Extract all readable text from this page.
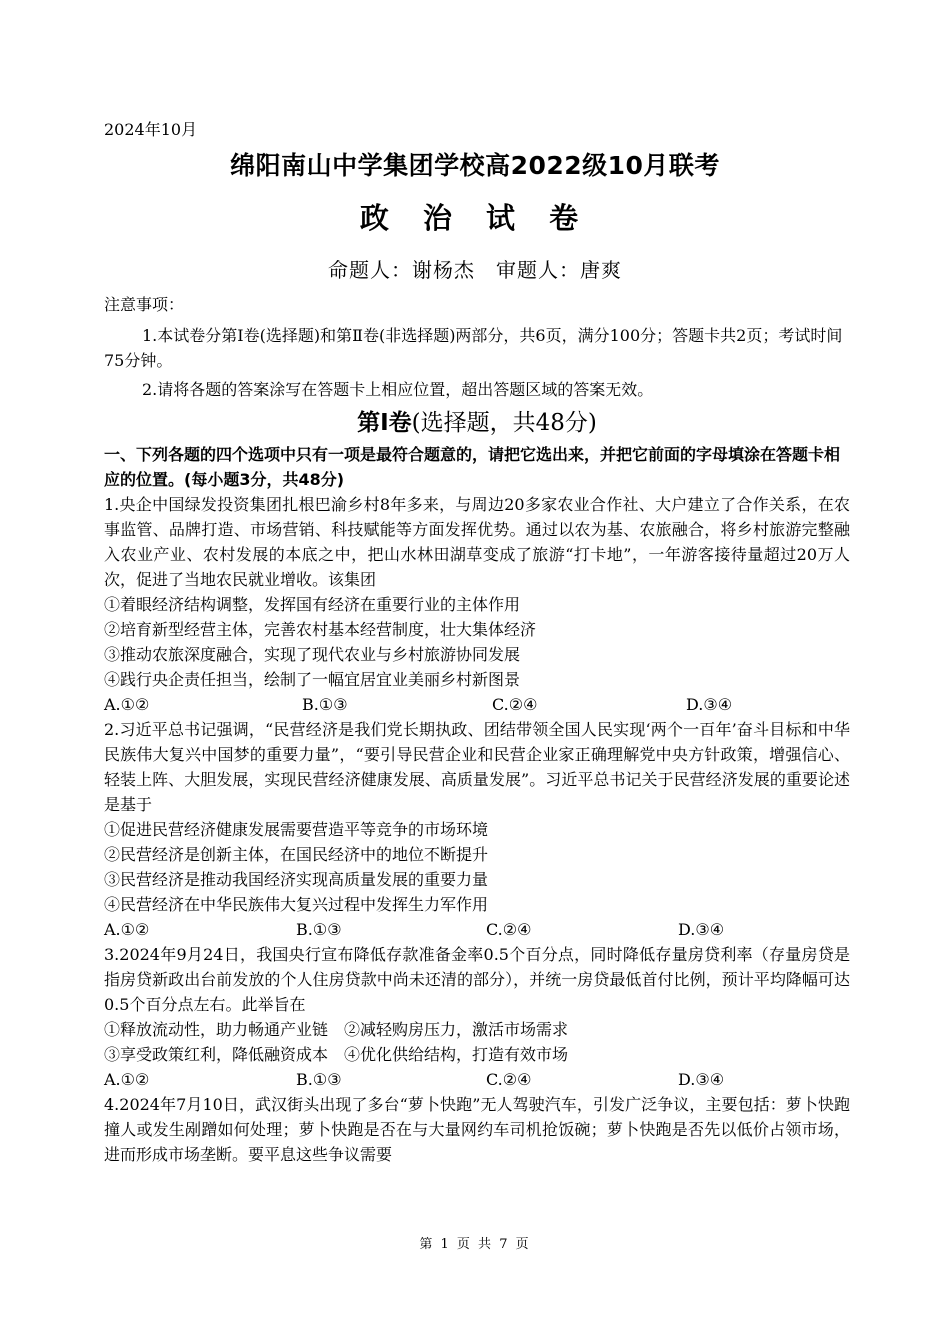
2024年10月
绵阳南山中学集团学校高2022级10月联考
政 治 试 卷
命题人：谢杨杰　审题人：唐爽

注意事项：

1.本试卷分第Ⅰ卷(选择题)和第Ⅱ卷(非选择题)两部分，共6页，满分100分；答题卡共2页；考试时间75分钟。

2.请将各题的答案涂写在答题卡上相应位置，超出答题区域的答案无效。

第Ⅰ卷(选择题，共48分)

一、下列各题的四个选项中只有一项是最符合题意的，请把它选出来，并把它前面的字母填涂在答题卡相应的位置。(每小题3分，共48分)

1.央企中国绿发投资集团扎根巴渝乡村8年多来，与周边20多家农业合作社、大户建立了合作关系，在农事监管、品牌打造、市场营销、科技赋能等方面发挥优势。通过以农为基、农旅融合，将乡村旅游完整融入农业产业、农村发展的本底之中，把山水林田湖草变成了旅游“打卡地”，一年游客接待量超过20万人次，促进了当地农民就业增收。该集团

①着眼经济结构调整，发挥国有经济在重要行业的主体作用

②培育新型经营主体，完善农村基本经营制度，壮大集体经济

③推动农旅深度融合，实现了现代农业与乡村旅游协同发展

④践行央企责任担当，绘制了一幅宜居宜业美丽乡村新图景

A.①②	B.①③	C.②④	D.③④

2.习近平总书记强调，“民营经济是我们党长期执政、团结带领全国人民实现‘两个一百年’奋斗目标和中华民族伟大复兴中国梦的重要力量”，“要引导民营企业和民营企业家正确理解党中央方针政策，增强信心、轻装上阵、大胆发展，实现民营经济健康发展、高质量发展”。习近平总书记关于民营经济发展的重要论述是基于

①促进民营经济健康发展需要营造平等竞争的市场环境

②民营经济是创新主体，在国民经济中的地位不断提升

③民营经济是推动我国经济实现高质量发展的重要力量

④民营经济在中华民族伟大复兴过程中发挥生力军作用

A.①②	B.①③	C.②④	D.③④

3.2024年9月24日，我国央行宣布降低存款准备金率0.5个百分点，同时降低存量房贷利率（存量房贷是指房贷新政出台前发放的个人住房贷款中尚未还清的部分），并统一房贷最低首付比例，预计平均降幅可达0.5个百分点左右。此举旨在

①释放流动性，助力畅通产业链　 ②减轻购房压力，激活市场需求

③享受政策红利，降低融资成本　 ④优化供给结构，打造有效市场

A.①②	B.①③	C.②④	D.③④

4.2024年7月10日，武汉街头出现了多台“萝卜快跑”无人驾驶汽车，引发广泛争议，主要包括：萝卜快跑撞人或发生剐蹭如何处理；萝卜快跑是否在与大量网约车司机抢饭碗；萝卜快跑是否先以低价占领市场，进而形成市场垄断。要平息这些争议需要

第 1 页 共 7 页
